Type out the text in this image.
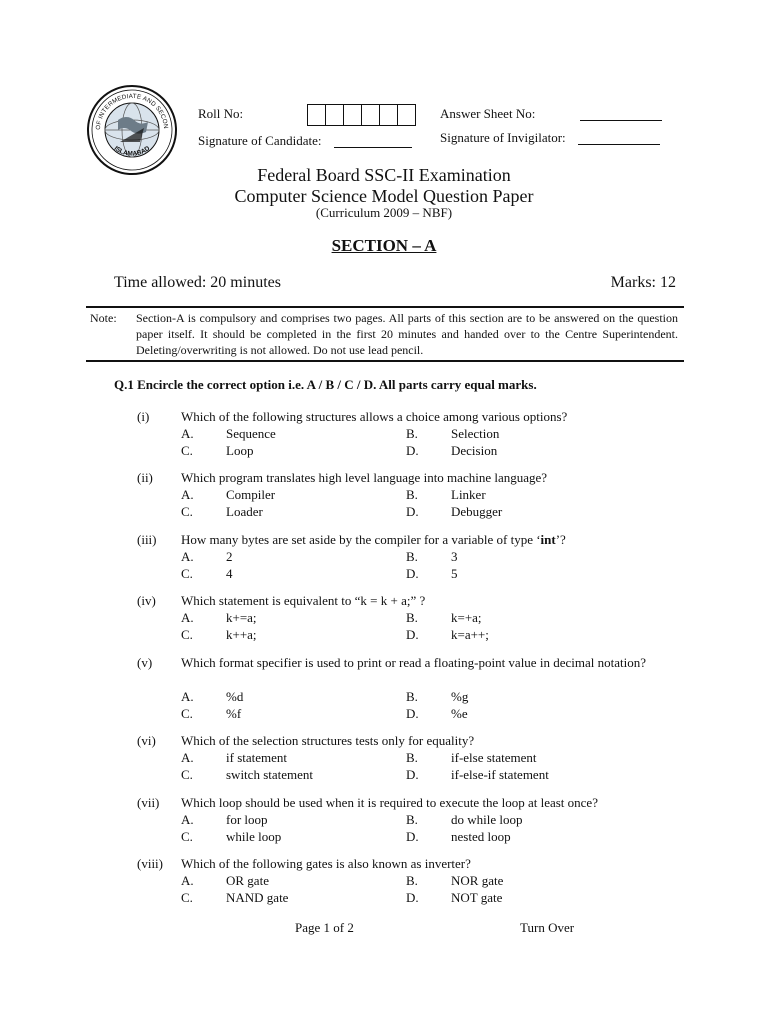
OF INTERMEDIATE AND SECON
ISLAMABAD
Roll No:	Answer Sheet No:
Signature of Candidate:	Signature of Invigilator:
Federal Board SSC-II Examination
Computer Science Model Question Paper
(Curriculum 2009 – NBF)
SECTION – A
Time allowed: 20 minutes	Marks: 12
Note: Section-A is compulsory and comprises two pages. All parts of this section are to be answered on the question paper itself. It should be completed in the first 20 minutes and handed over to the Centre Superintendent. Deleting/overwriting is not allowed. Do not use lead pencil.
Q.1 Encircle the correct option i.e. A / B / C / D. All parts carry equal marks.
(i) Which of the following structures allows a choice among various options?
A. Sequence	B.	Selection
C.	Loop	D. Decision
(ii) Which program translates high level language into machine language?
A. Compiler	B.	Linker
C.	Loader	D. Debugger
(iii) How many bytes are set aside by the compiler for a variable of type ‘int’?
A. 2	B.	3
C.	4	D. 5
(iv) Which statement is equivalent to “k = k + a;” ?
A. k+=a;	B.	k=+a;
C.	k++a;	D. k=a++;
(v) Which format specifier is used to print or read a floating-point value in decimal notation?
A. %d	B.	%g
C.	%f	D. %e
(vi) Which of the selection structures tests only for equality?
A. if statement	B.	if-else statement
C.	switch statement	D. if-else-if statement
(vii) Which loop should be used when it is required to execute the loop at least once?
A. for loop	B.	do while loop
C.	while loop	D. nested loop
(viii) Which of the following gates is also known as inverter?
A. OR gate	B.	NOR gate
C.	NAND gate	D. NOT gate
Page 1 of 2	Turn Over
